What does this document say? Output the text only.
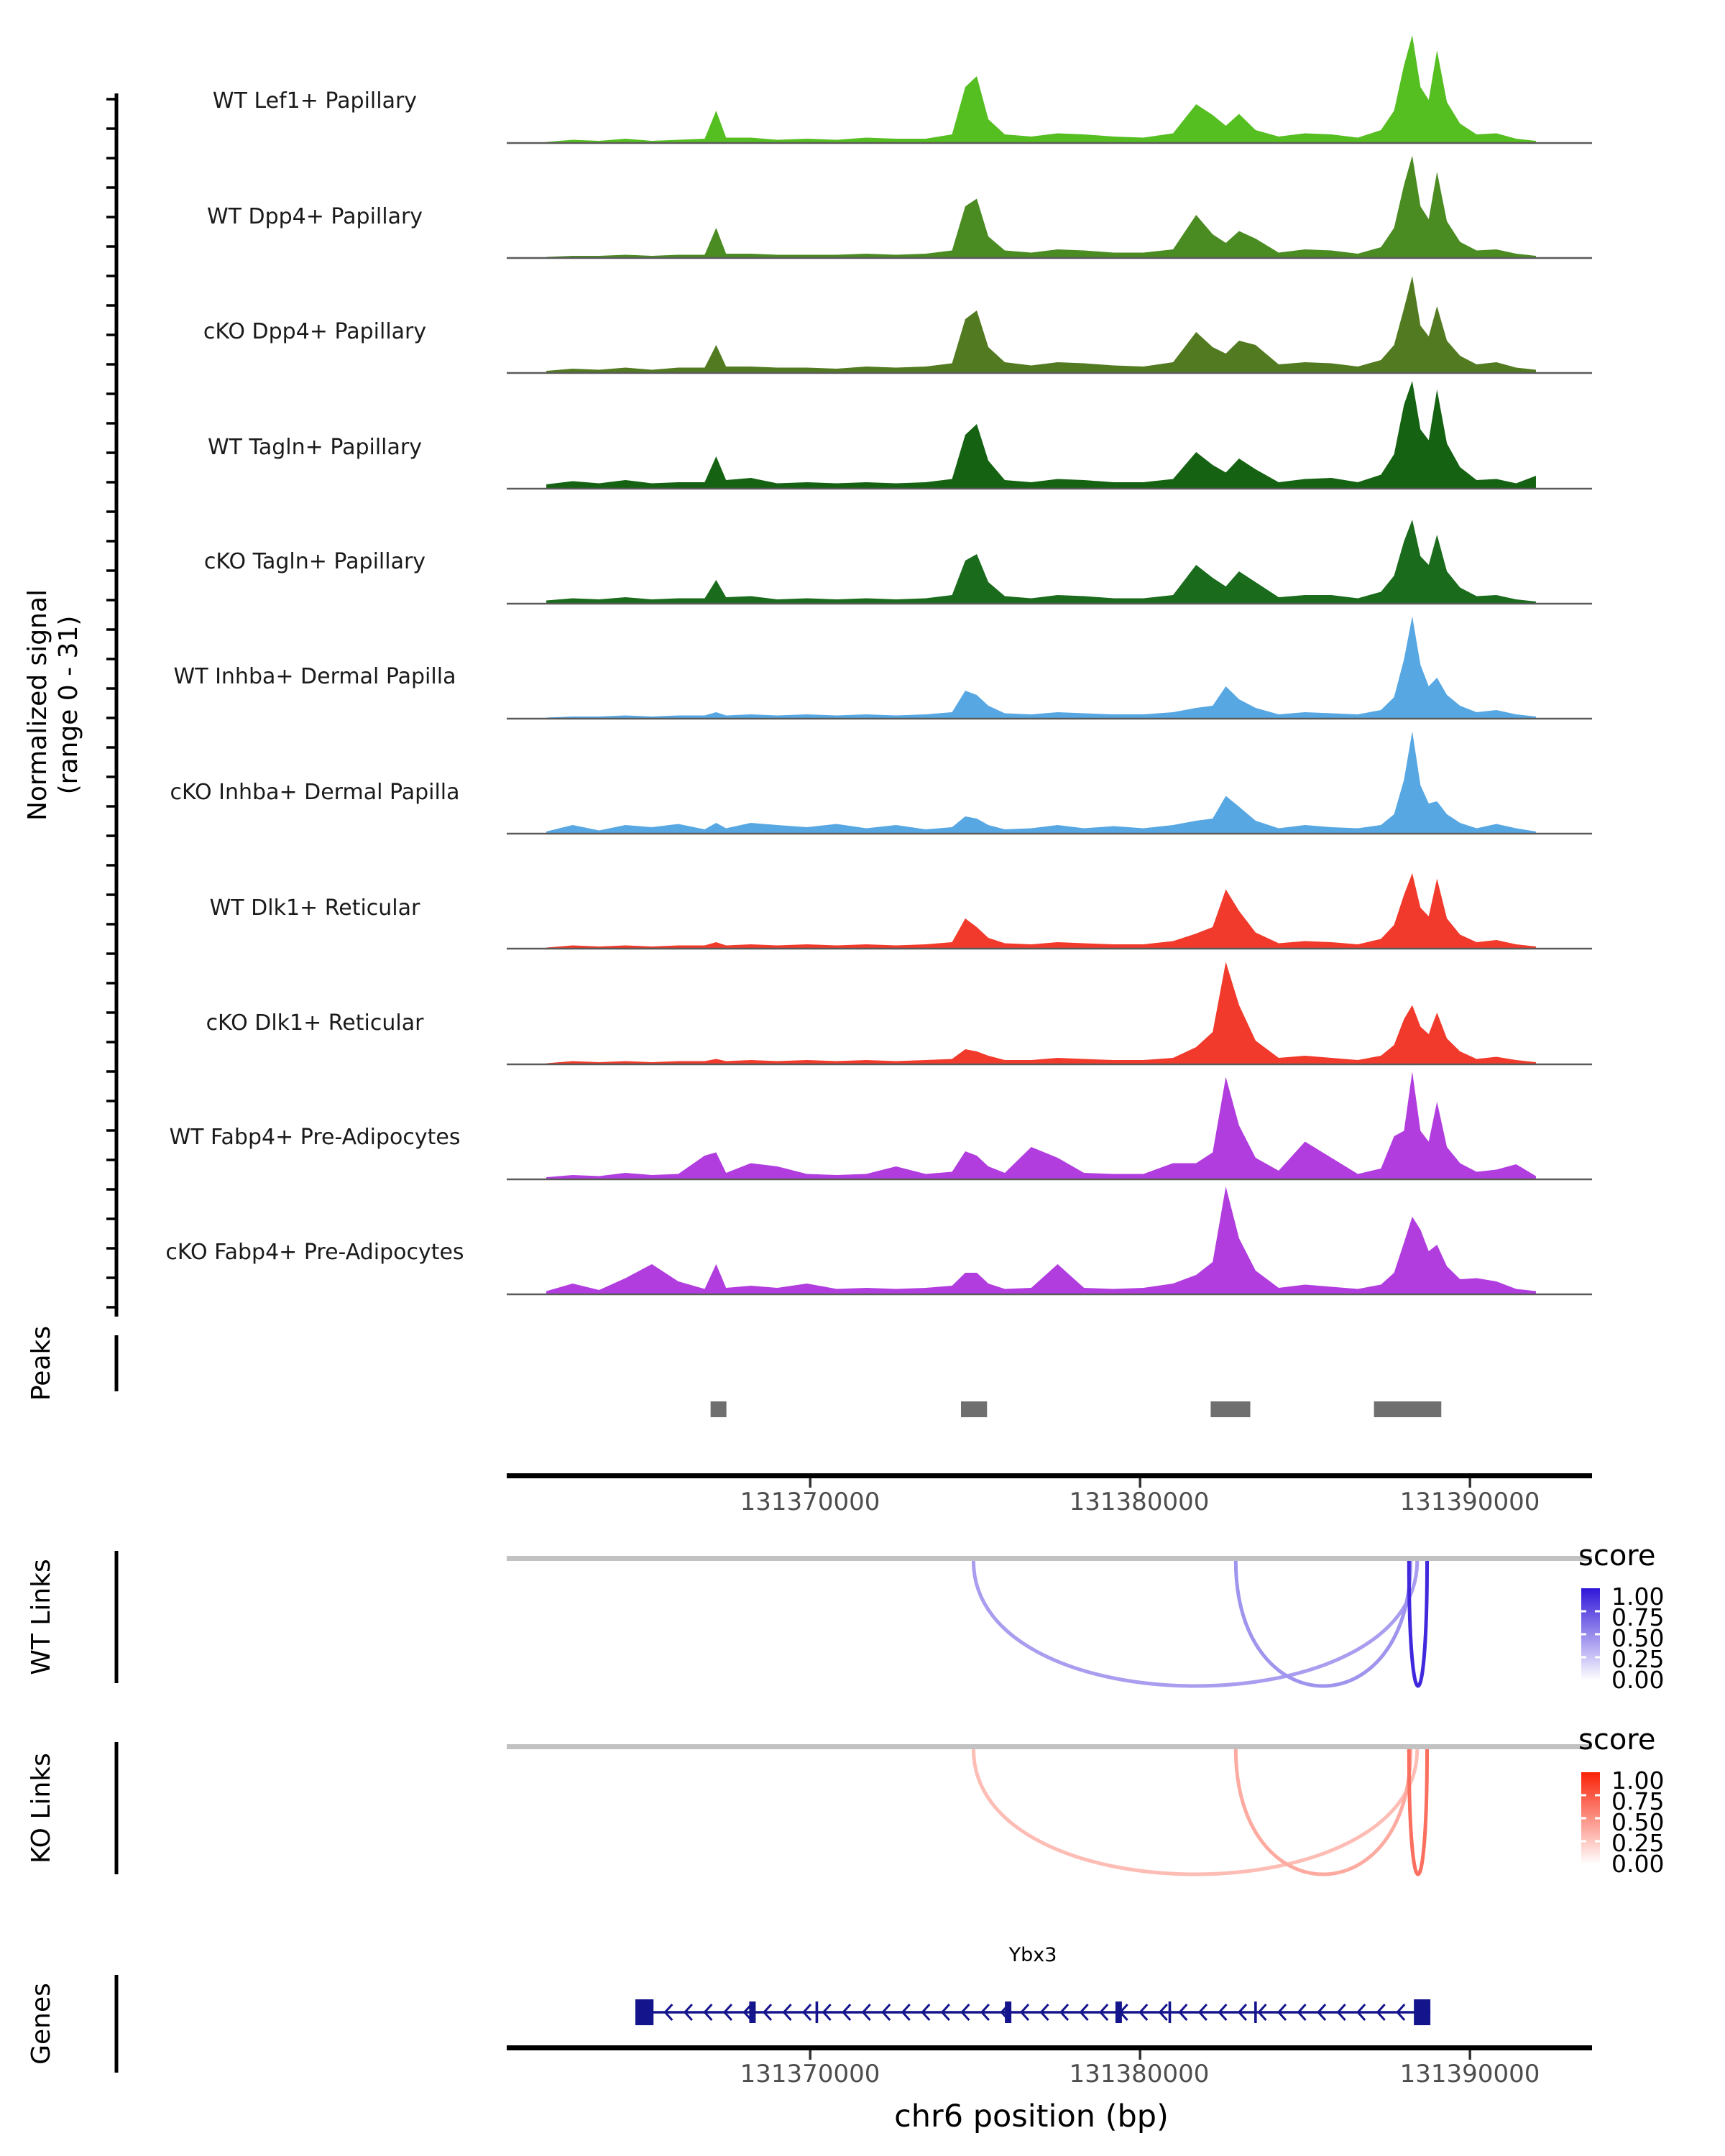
Normalized signal (range 0 - 31)
WT Lef1+ Papillary
WT Dpp4+ Papillary
cKO Dpp4+ Papillary
WT Tagln+ Papillary
cKO Tagln+ Papillary
WT Inhba+ Dermal Papilla
cKO Inhba+ Dermal Papilla
WT Dlk1+ Reticular
cKO Dlk1+ Reticular
WT Fabp4+ Pre-Adipocytes
cKO Fabp4+ Pre-Adipocytes
Peaks
WT Links
KO Links
Genes
131370000	131380000	131390000
score
1.00
0.75
0.50
0.25
0.00
score
1.00
0.75
0.50
0.25
0.00
Ybx3
131370000	131380000	131390000
chr6 position (bp)
